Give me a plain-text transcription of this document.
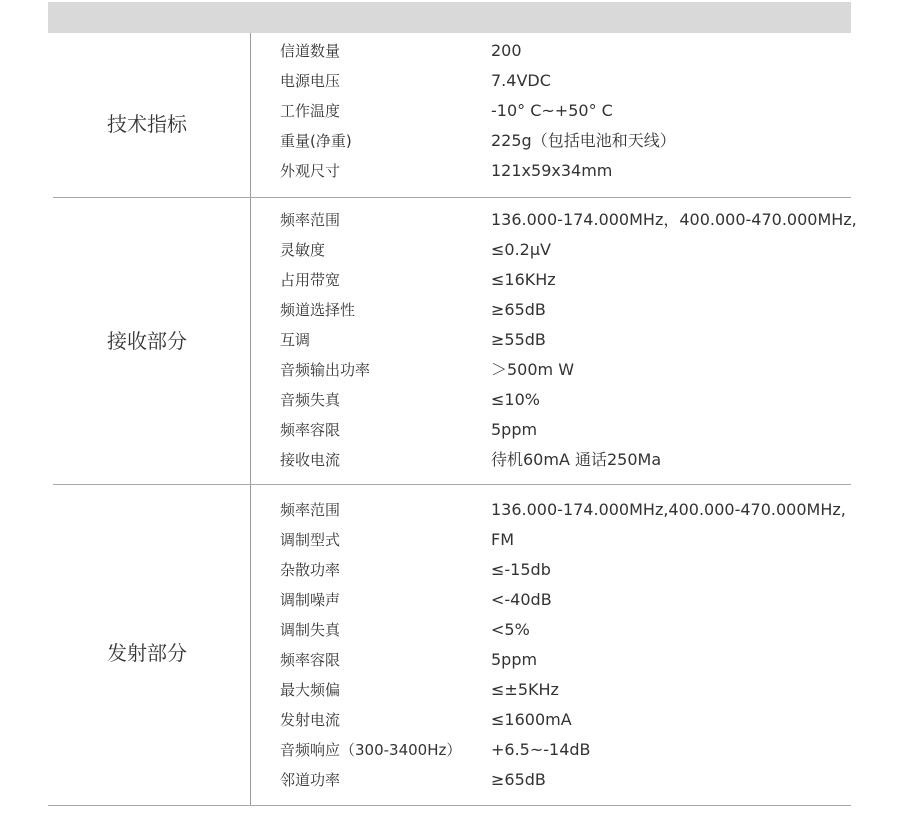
技术指标
信道数量	200
电源电压	7.4VDC
工作温度	-10° C~+50° C
重量(净重)	225g（包括电池和天线）
外观尺寸	121x59x34mm
接收部分
频率范围	136.000-174.000MHz，400.000-470.000MHz,
灵敏度	≤0.2μV
占用带宽	≤16KHz
频道选择性	≥65dB
互调	≥55dB
音频输出功率	＞500m W
音频失真	≤10%
频率容限	5ppm
接收电流	待机60mA 通话250Ma
发射部分
频率范围	136.000-174.000MHz,400.000-470.000MHz,
调制型式	FM
杂散功率	≤-15db
调制噪声	<-40dB
调制失真	<5%
频率容限	5ppm
最大频偏	≤±5KHz
发射电流	≤1600mA
音频响应（300-3400Hz） +6.5~-14dB
邻道功率	≥65dB
